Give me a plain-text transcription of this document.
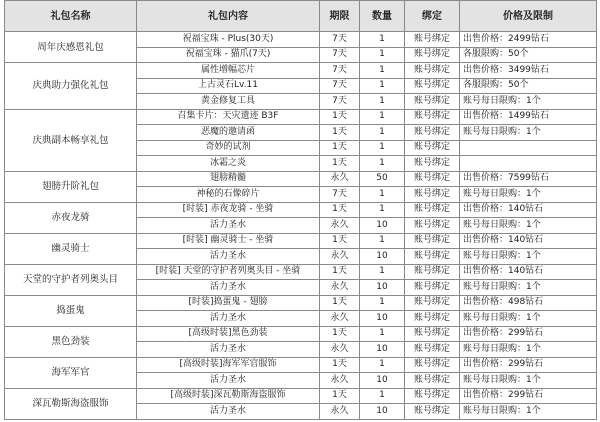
礼包名称	礼包内容	期限	数量	绑定	价格及限制
周年庆感恩礼包	祝福宝珠 - Plus(30天)	7天	1	账号绑定	出售价格：2499钻石
	祝福宝珠 - 猫爪(7天)	7天	1	账号绑定	各服限购：50个
庆典助力强化礼包	属性增幅芯片	7天	1	账号绑定	出售价格：3499钻石
	上古灵石Lv.11	7天	1	账号绑定	各服限购：50个
	黄金修复工具	7天	1	账号绑定	账号每日限购：1个
庆典副本畅享礼包	召集卡片：天灾遗迹 B3F	1天	1	账号绑定	出售价格：1499钻石
	恶魔的邀请函	1天	1	账号绑定	账号每日限购：1个
	奇妙的试剂	1天	1	账号绑定	
	冰霜之炎	1天	1	账号绑定	
翅膀升阶礼包	翅膀精髓	永久	50	账号绑定	出售价格：7599钻石
	神秘的石像碎片	7天	1	账号绑定	账号每日限购：1个
赤夜龙骑	[时装] 赤夜龙骑 - 坐骑	1天	1	账号绑定	出售价格：140钻石
	活力圣水	永久	10	账号绑定	账号每日限购：1个
幽灵骑士	[时装] 幽灵骑士 - 坐骑	1天	1	账号绑定	出售价格：140钻石
	活力圣水	永久	10	账号绑定	账号每日限购：1个
天堂的守护者列奥头目	[时装] 天堂的守护者列奥头目 - 坐骑	1天	1	账号绑定	出售价格：140钻石
	活力圣水	永久	10	账号绑定	账号每日限购：1个
捣蛋鬼	[时装]捣蛋鬼 - 翅膀	1天	1	账号绑定	出售价格：498钻石
	活力圣水	永久	10	账号绑定	账号每日限购：1个
黑色劲装	[高级时装]黑色劲装	1天	1	账号绑定	出售价格：299钻石
	活力圣水	永久	10	账号绑定	账号每日限购：1个
海军军官	[高级时装]海军军官服饰	1天	1	账号绑定	出售价格：299钻石
	活力圣水	永久	10	账号绑定	账号每日限购：1个
深瓦勒斯海盗服饰	[高级时装]深瓦勒斯海盗服饰	1天	1	账号绑定	出售价格：299钻石
	活力圣水	永久	10	账号绑定	账号每日限购：1个
